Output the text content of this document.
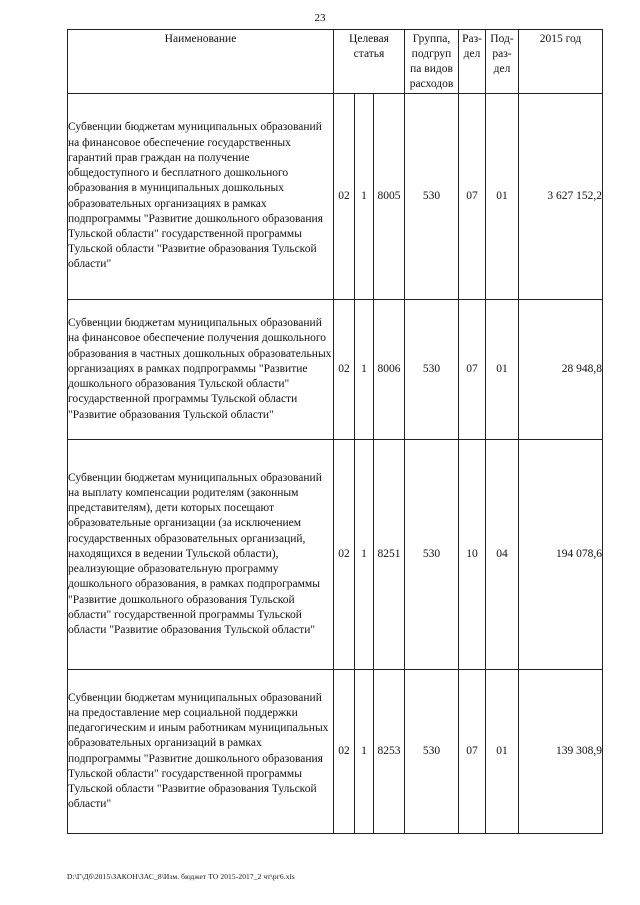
23
Наименование	Целевая статья			Группа, подгруп па видов расходов	Раз- дел	Под- раз- дел	2015 год
Субвенции бюджетам муниципальных образований на финансовое обеспечение государственных гарантий прав граждан на получение общедоступного и бесплатного дошкольного образования в муниципальных дошкольных образовательных организациях в рамках подпрограммы "Развитие дошкольного образования Тульской области" государственной программы Тульской области "Развитие образования Тульской области"	02	1	8005	530	07	01	3 627 152,2
Субвенции бюджетам муниципальных образований на финансовое обеспечение получения дошкольного образования в частных дошкольных образовательных организациях в рамках подпрограммы "Развитие дошкольного образования Тульской области" государственной программы Тульской области "Развитие образования Тульской области"	02	1	8006	530	07	01	28 948,8
Субвенции бюджетам муниципальных образований на выплату компенсации родителям (законным представителям), дети которых посещают образовательные организации (за исключением государственных образовательных организаций, находящихся в ведении Тульской области), реализующие образовательную программу дошкольного образования, в рамках подпрограммы "Развитие дошкольного образования Тульской области" государственной программы Тульской области "Развитие образования Тульской области"	02	1	8251	530	10	04	194 078,6
Субвенции бюджетам муниципальных образований на предоставление мер социальной поддержки педагогическим и иным работникам муниципальных образовательных организаций в рамках подпрограммы "Развитие дошкольного образования Тульской области" государственной программы Тульской области "Развитие образования Тульской области"	02	1	8253	530	07	01	139 308,9
D:\Г\Дб\2015\ЗАКОН\ЗАС_8\Изм. бюджет ТО 2015-2017_2 чт\рг6.xls
